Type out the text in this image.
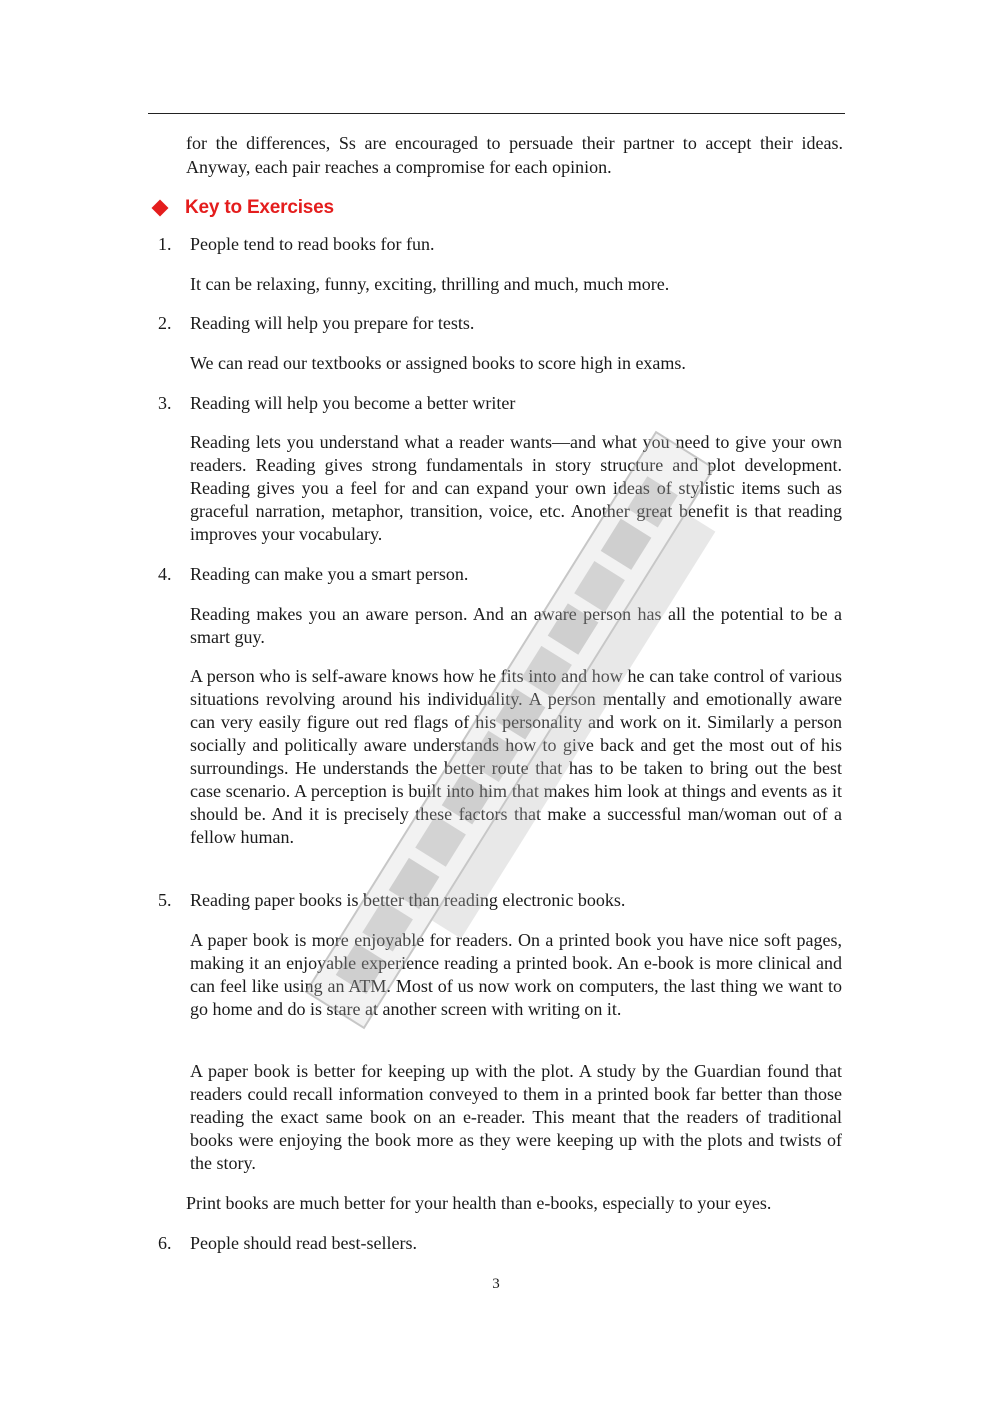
for the differences, Ss are encouraged to persuade their partner to accept their ideas. Anyway, each pair reaches a compromise for each opinion.
Key to Exercises
1.	People tend to read books for fun.
It can be relaxing, funny, exciting, thrilling and much, much more.
2.	Reading will help you prepare for tests.
We can read our textbooks or assigned books to score high in exams.
3.	Reading will help you become a better writer
Reading lets you understand what a reader wants—and what you need to give your own readers. Reading gives strong fundamentals in story structure and plot development. Reading gives you a feel for and can expand your own ideas of stylistic items such as graceful narration, metaphor, transition, voice, etc. Another great benefit is that reading improves your vocabulary.
4.	Reading can make you a smart person.
Reading makes you an aware person. And an aware person has all the potential to be a smart guy.
A person who is self-aware knows how he fits into and how he can take control of various situations revolving around his individuality. A person mentally and emotionally aware can very easily figure out red flags of his personality and work on it. Similarly a person socially and politically aware understands how to give back and get the most out of his surroundings. He understands the better route that has to be taken to bring out the best case scenario. A perception is built into him that makes him look at things and events as it should be. And it is precisely these factors that make a successful man/woman out of a fellow human.
5.	Reading paper books is better than reading electronic books.
A paper book is more enjoyable for readers. On a printed book you have nice soft pages, making it an enjoyable experience reading a printed book. An e-book is more clinical and can feel like using an ATM. Most of us now work on computers, the last thing we want to go home and do is stare at another screen with writing on it.
A paper book is better for keeping up with the plot. A study by the Guardian found that readers could recall information conveyed to them in a printed book far better than those reading the exact same book on an e-reader. This meant that the readers of traditional books were enjoying the book more as they were keeping up with the plots and twists of the story.
Print books are much better for your health than e-books, especially to your eyes.
6.	People should read best-sellers.
3
